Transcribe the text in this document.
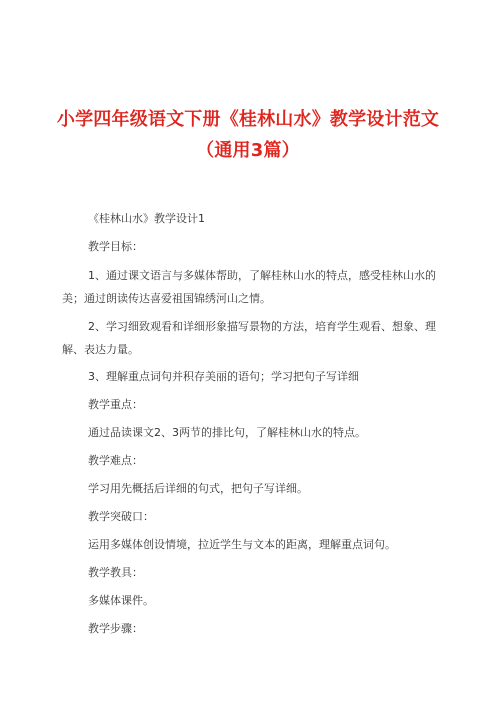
小学四年级语文下册《桂林山水》教学设计范文（通用3篇）

《桂林山水》教学设计1

教学目标：

1、通过课文语言与多媒体帮助，了解桂林山水的特点，感受桂林山水的美；通过朗读传达喜爱祖国锦绣河山之情。

2、学习细致观看和详细形象描写景物的方法，培育学生观看、想象、理解、表达力量。

3、理解重点词句并积存美丽的语句；学习把句子写详细

教学重点：

通过品读课文2、3两节的排比句，了解桂林山水的特点。

教学难点：

学习用先概括后详细的句式，把句子写详细。

教学突破口：

运用多媒体创设情境，拉近学生与文本的距离，理解重点词句。

教学教具：

多媒体课件。

教学步骤：
